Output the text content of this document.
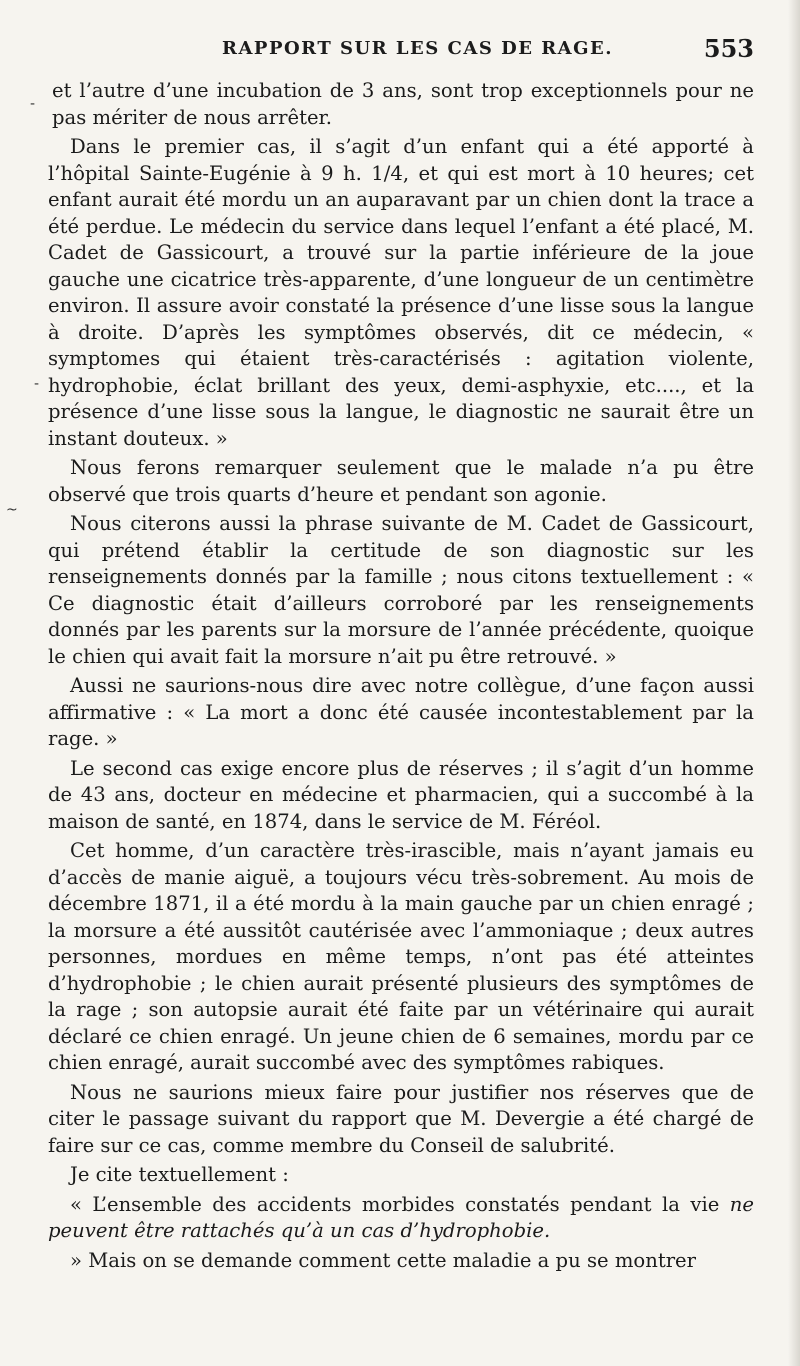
RAPPORT SUR LES CAS DE RAGE.	553

et l’autre d’une incubation de 3 ans, sont trop exceptionnels pour ne pas mériter de nous arrêter.

Dans le premier cas, il s’agit d’un enfant qui a été apporté à l’hôpital Sainte-Eugénie à 9 h. 1/4, et qui est mort à 10 heures; cet enfant aurait été mordu un an auparavant par un chien dont la trace a été perdue. Le médecin du service dans lequel l’enfant a été placé, M. Cadet de Gassicourt, a trouvé sur la partie inférieure de la joue gauche une cicatrice très-apparente, d’une longueur de un centimètre environ. Il assure avoir constaté la présence d’une lisse sous la langue à droite. D’après les symptômes observés, dit ce médecin, « symptomes qui étaient très-caractérisés : agitation violente, hydrophobie, éclat brillant des yeux, demi-asphyxie, etc...., et la présence d’une lisse sous la langue, le diagnostic ne saurait être un instant douteux. »

Nous ferons remarquer seulement que le malade n’a pu être observé que trois quarts d’heure et pendant son agonie.

Nous citerons aussi la phrase suivante de M. Cadet de Gassicourt, qui prétend établir la certitude de son diagnostic sur les renseignements donnés par la famille ; nous citons textuellement : « Ce diagnostic était d’ailleurs corroboré par les renseignements donnés par les parents sur la morsure de l’année précédente, quoique le chien qui avait fait la morsure n’ait pu être retrouvé. »

Aussi ne saurions-nous dire avec notre collègue, d’une façon aussi affirmative : « La mort a donc été causée incontestablement par la rage. »

Le second cas exige encore plus de réserves ; il s’agit d’un homme de 43 ans, docteur en médecine et pharmacien, qui a succombé à la maison de santé, en 1874, dans le service de M. Féréol.

Cet homme, d’un caractère très-irascible, mais n’ayant jamais eu d’accès de manie aiguë, a toujours vécu très-sobrement. Au mois de décembre 1871, il a été mordu à la main gauche par un chien enragé ; la morsure a été aussitôt cautérisée avec l’ammoniaque ; deux autres personnes, mordues en même temps, n’ont pas été atteintes d’hydrophobie ; le chien aurait présenté plusieurs des symptômes de la rage ; son autopsie aurait été faite par un vétérinaire qui aurait déclaré ce chien enragé. Un jeune chien de 6 semaines, mordu par ce chien enragé, aurait succombé avec des symptômes rabiques.

Nous ne saurions mieux faire pour justifier nos réserves que de citer le passage suivant du rapport que M. Devergie a été chargé de faire sur ce cas, comme membre du Conseil de salubrité.

Je cite textuellement :

« L’ensemble des accidents morbides constatés pendant la vie ne peuvent être rattachés qu’à un cas d’hydrophobie.

» Mais on se demande comment cette maladie a pu se montrer

-
-
~
